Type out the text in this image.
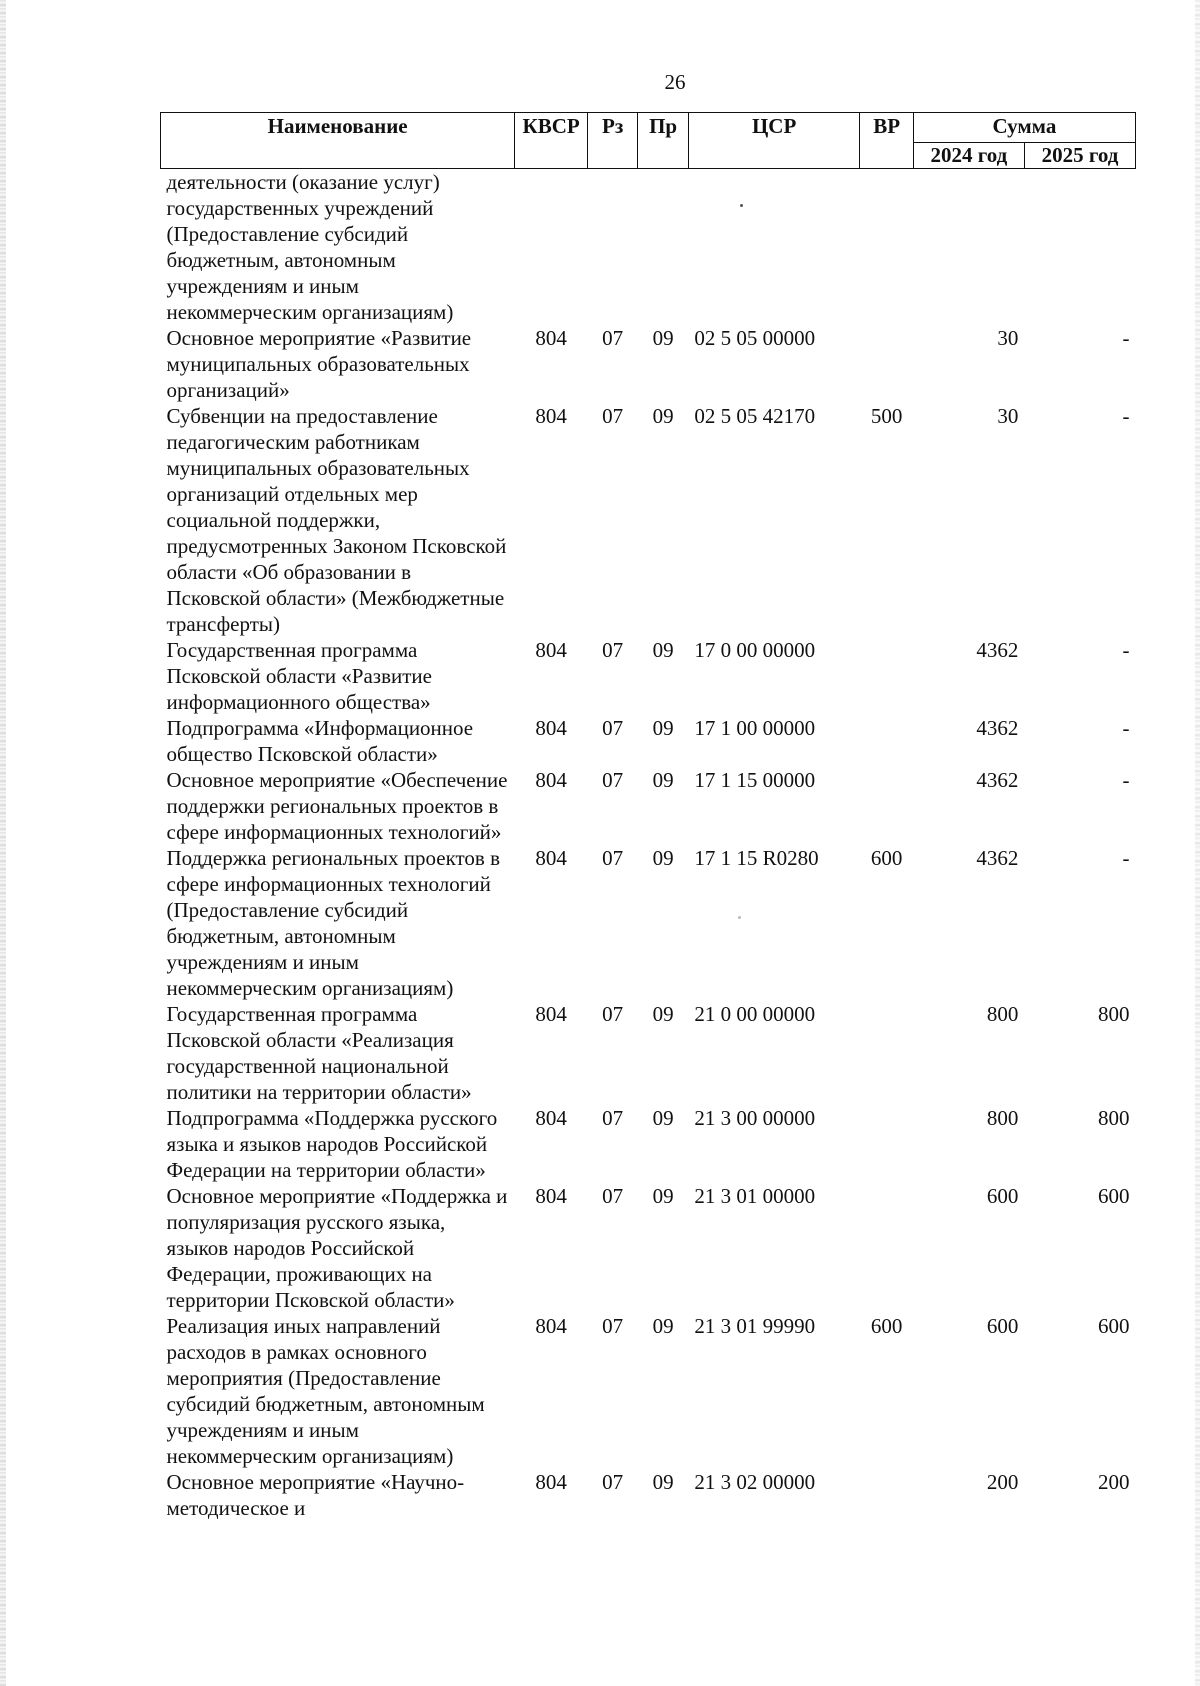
26
Наименование	КВСР	Рз	Пр	ЦСР	ВР	Сумма	
						2024 год	2025 год
деятельности (оказание услуг) государственных учреждений (Предоставление субсидий бюджетным, автономным учреждениям и иным некоммерческим организациям)							
Основное мероприятие «Развитие муниципальных образовательных организаций»	804	07	09	02 5 05 00000		30	-
Субвенции на предоставление педагогическим работникам муниципальных образовательных организаций отдельных мер социальной поддержки, предусмотренных Законом Псковской области «Об образовании в Псковской области» (Межбюджетные трансферты)	804	07	09	02 5 05 42170	500	30	-
Государственная программа Псковской области «Развитие информационного общества»	804	07	09	17 0 00 00000		4362	-
Подпрограмма «Информационное общество Псковской области»	804	07	09	17 1 00 00000		4362	-
Основное мероприятие «Обеспечение поддержки региональных проектов в сфере информационных технологий»	804	07	09	17 1 15 00000		4362	-
Поддержка региональных проектов в сфере информационных технологий (Предоставление субсидий бюджетным, автономным учреждениям и иным некоммерческим организациям)	804	07	09	17 1 15 R0280	600	4362	-
Государственная программа Псковской области «Реализация государственной национальной политики на территории области»	804	07	09	21 0 00 00000		800	800
Подпрограмма «Поддержка русского языка и языков народов Российской Федерации на территории области»	804	07	09	21 3 00 00000		800	800
Основное мероприятие «Поддержка и популяризация русского языка, языков народов Российской Федерации, проживающих на территории Псковской области»	804	07	09	21 3 01 00000		600	600
Реализация иных направлений расходов в рамках основного мероприятия (Предоставление субсидий бюджетным, автономным учреждениям и иным некоммерческим организациям)	804	07	09	21 3 01 99990	600	600	600
Основное мероприятие «Научно-методическое и	804	07	09	21 3 02 00000		200	200
